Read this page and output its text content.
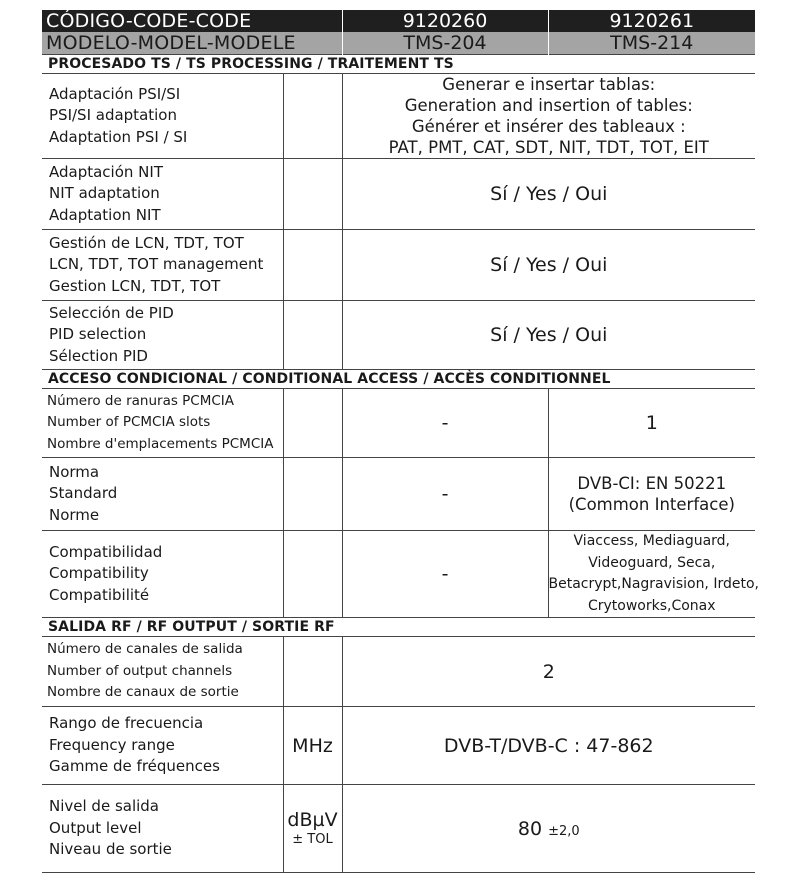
CÓDIGO-CODE-CODE		9120260	9120261
MODELO-MODEL-MODELE		TMS-204	TMS-214
PROCESADO TS / TS PROCESSING / TRAITEMENT TS			

Adaptación PSI/SI
PSI/SI adaptation
Adaptation PSI / SI		Generar e insertar tablas:
Generation and insertion of tables:
Générer et insérer des tableaux :
PAT, PMT, CAT, SDT, NIT, TDT, TOT, EIT	

Adaptación NIT
NIT adaptation
Adaptation NIT		Sí / Yes / Oui	

Gestión de LCN, TDT, TOT
LCN, TDT, TOT management
Gestion LCN, TDT, TOT		Sí / Yes / Oui	

Selección de PID
PID selection
Sélection PID		Sí / Yes / Oui	
ACCESO CONDICIONAL / CONDITIONAL ACCESS / ACCÈS CONDITIONNEL			

Número de ranuras PCMCIA
Number of PCMCIA slots
Nombre d'emplacements PCMCIA		-	1

Norma
Standard
Norme		-	DVB-CI: EN 50221
(Common Interface)

Compatibilidad
Compatibility
Compatibilité		-	Viaccess, Mediaguard,
Videoguard, Seca,
Betacrypt,Nagravision, Irdeto,
Crytoworks,Conax

SALIDA RF / RF OUTPUT / SORTIE RF			

Número de canales de salida
Number of output channels
Nombre de canaux de sortie		2	

Rango de frecuencia
Frequency range
Gamme de fréquences	MHz	DVB-T/DVB-C : 47-862	

Nivel de salida
Output level
Niveau de sortie	dBµV
± TOL	80 ±2,0	
